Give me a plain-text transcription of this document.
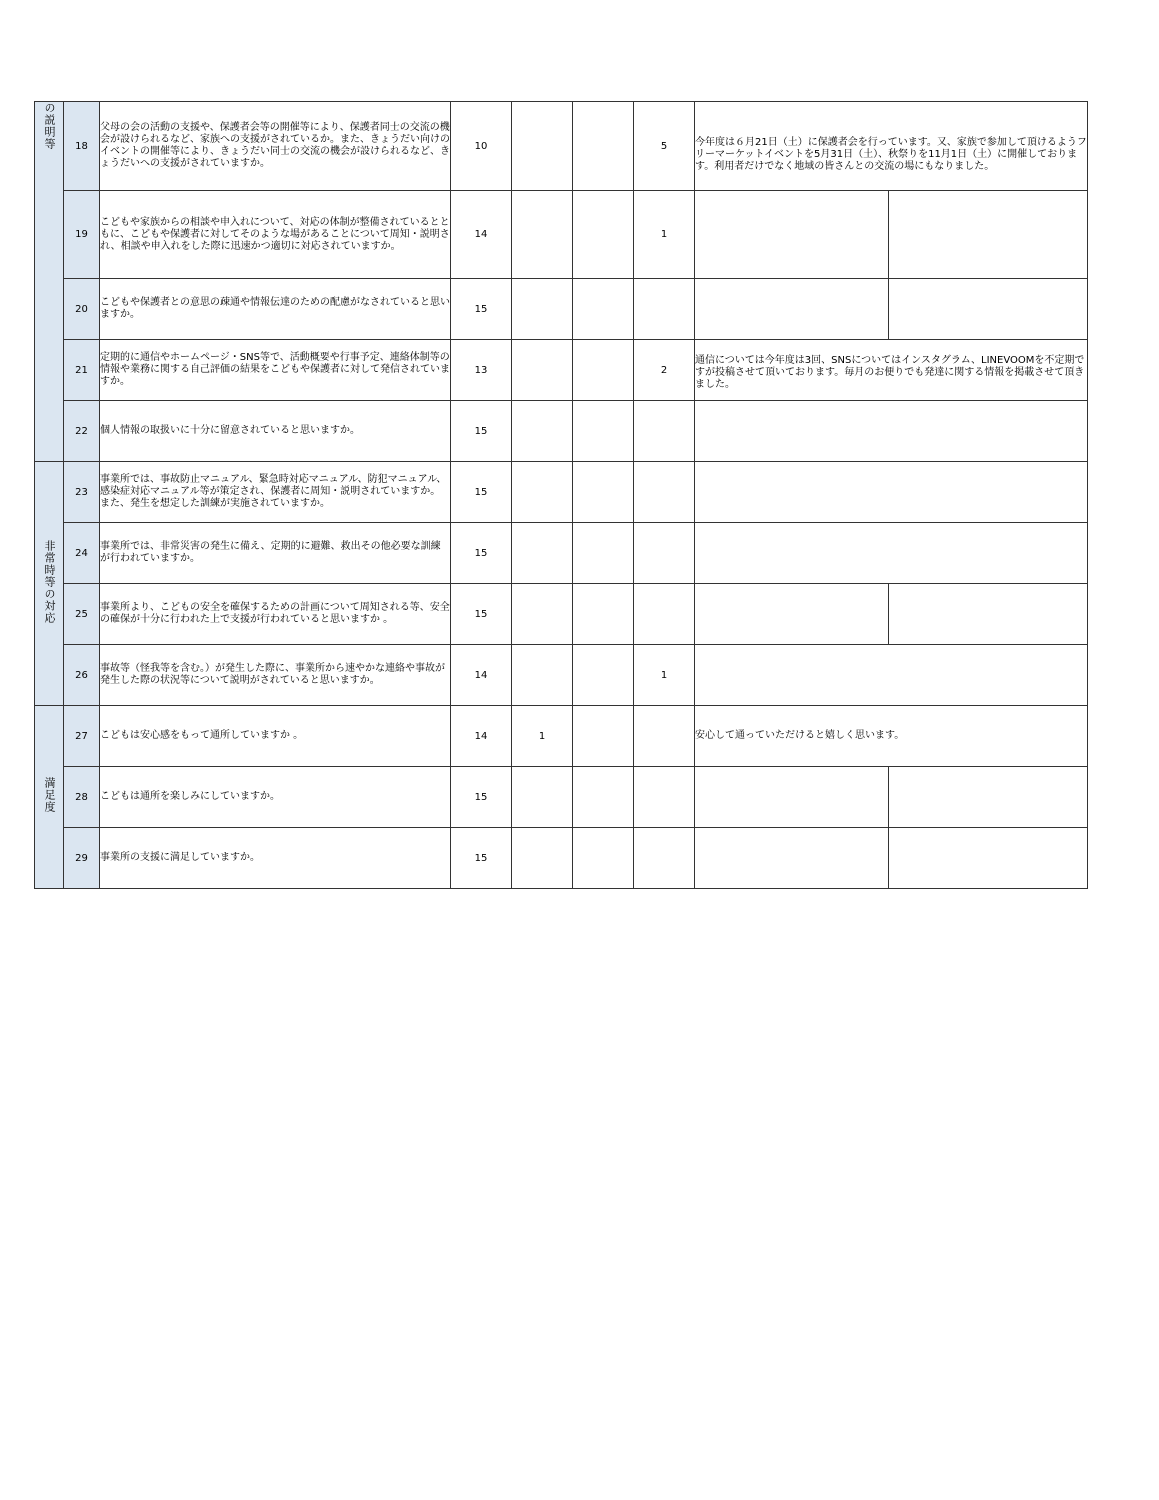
の説明等	18	父母の会の活動の支援や、保護者会等の開催等により、保護者同士の交流の機会が設けられるなど、家族への支援がされているか。また、きょうだい向けのイベントの開催等により、きょうだい同士の交流の機会が設けられるなど、きょうだいへの支援がされていますか。	10			5	今年度は６月21日（土）に保護者会を行っています。又、家族で参加して頂けるようフリーマーケットイベントを5月31日（土）、秋祭りを11月1日（土）に開催しております。利用者だけでなく地域の皆さんとの交流の場にもなりました。	
	19	こどもや家族からの相談や申入れについて、対応の体制が整備されているとともに、こどもや保護者に対してそのような場があることについて周知・説明され、相談や申入れをした際に迅速かつ適切に対応されていますか。	14			1		
	20	こどもや保護者との意思の疎通や情報伝達のための配慮がなされていると思いますか。	15					
	21	定期的に通信やホームページ・SNS等で、活動概要や行事予定、連絡体制等の情報や業務に関する自己評価の結果をこどもや保護者に対して発信されていますか。	13			2	通信については今年度は3回、SNSについてはインスタグラム、LINEVOOMを不定期ですが投稿させて頂いております。毎月のお便りでも発達に関する情報を掲載させて頂きました。	
	22	個人情報の取扱いに十分に留意されていると思いますか。	15					
非常時等の対応	23	事業所では、事故防止マニュアル、緊急時対応マニュアル、防犯マニュアル、感染症対応マニュアル等が策定され、保護者に周知・説明されていますか。また、発生を想定した訓練が実施されていますか。	15					
	24	事業所では、非常災害の発生に備え、定期的に避難、救出その他必要な訓練が行われていますか。	15					
	25	事業所より、こどもの安全を確保するための計画について周知される等、安全の確保が十分に行われた上で支援が行われていると思いますか 。	15					
	26	事故等（怪我等を含む。）が発生した際に、事業所から速やかな連絡や事故が発生した際の状況等について説明がされていると思いますか。	14			1		
満足度	27	こどもは安心感をもって通所していますか 。	14	1			安心して通っていただけると嬉しく思います。	
	28	こどもは通所を楽しみにしていますか。	15					
	29	事業所の支援に満足していますか。	15					
